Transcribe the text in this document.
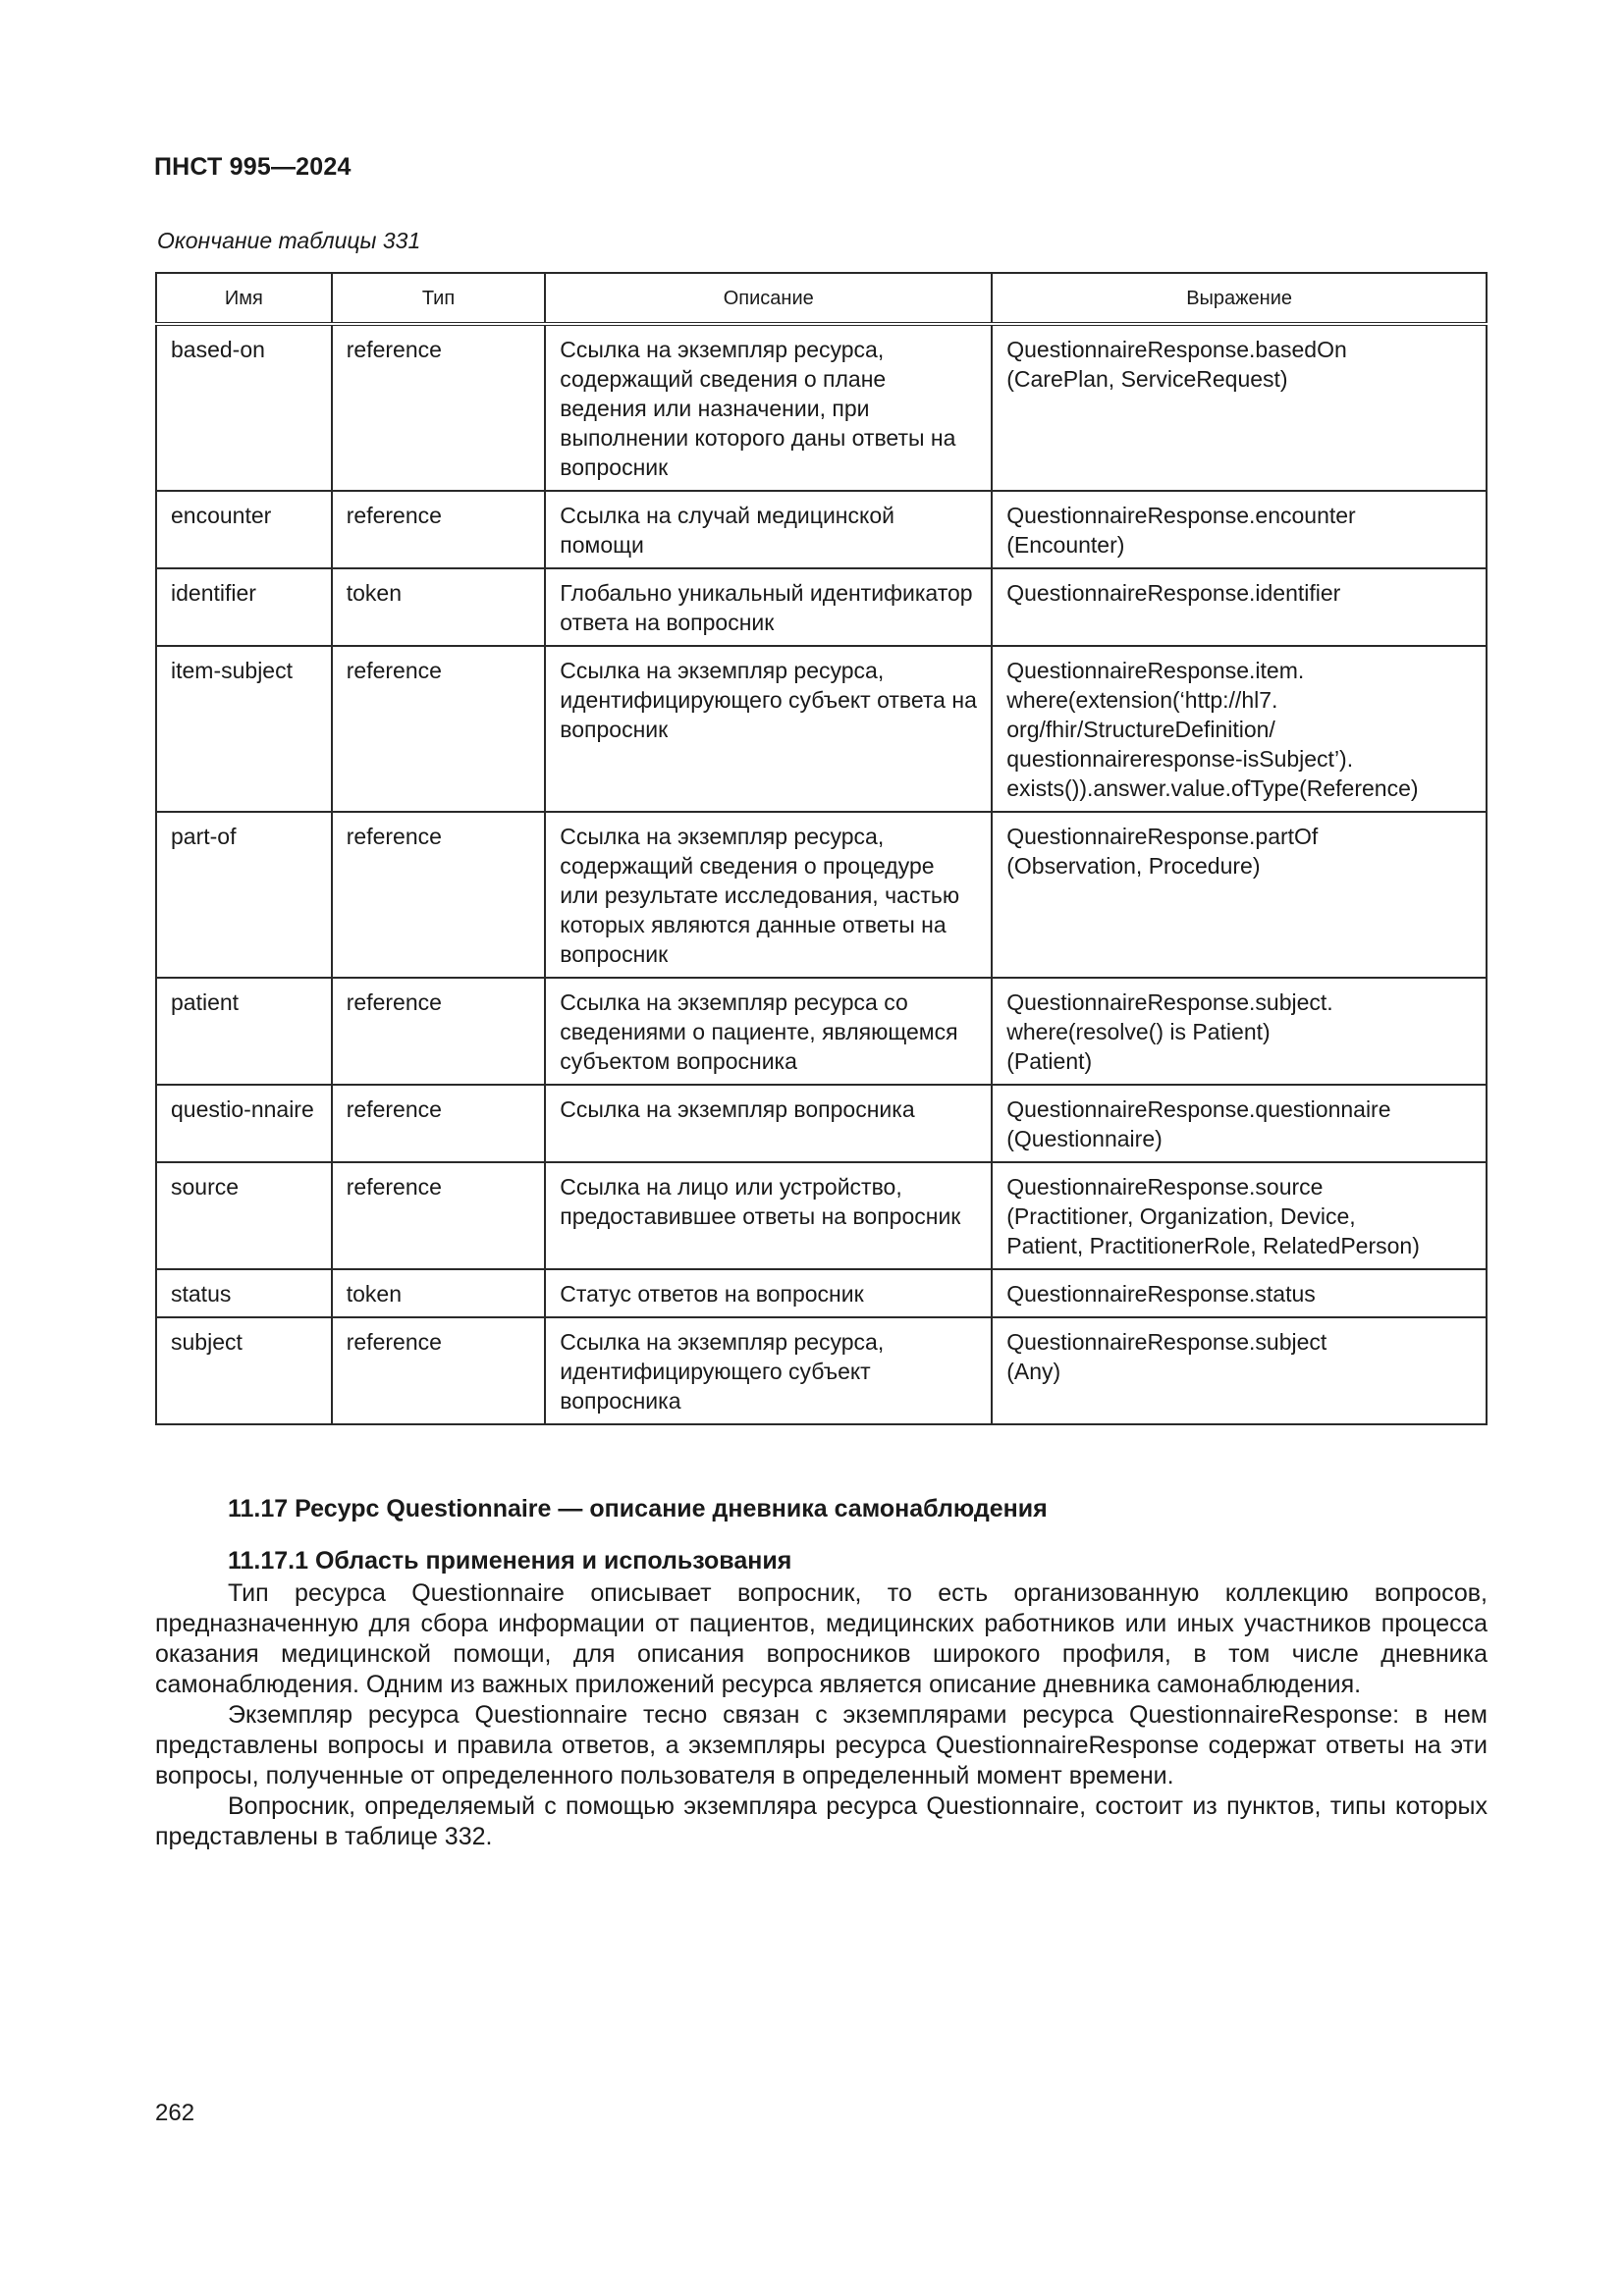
ПНСТ 995—2024
Окончание таблицы 331
Имя	Тип	Описание	Выражение
based-on	reference	Ссылка на экземпляр ресурса, содержащий сведения о плане ведения или назначении, при выполнении которого даны ответы на вопросник	QuestionnaireResponse.basedOn
(CarePlan, ServiceRequest)
encounter	reference	Ссылка на случай медицинской помощи	QuestionnaireResponse.encounter
(Encounter)
identifier	token	Глобально уникальный идентификатор ответа на вопросник	QuestionnaireResponse.identifier
item-subject	reference	Ссылка на экземпляр ресурса, идентифицирующего субъект ответа на вопросник	QuestionnaireResponse.item.
where(extension(‘http://hl7.
org/fhir/StructureDefinition/
questionnaireresponse-isSubject’).
exists()).answer.value.ofType(Reference)
part-of	reference	Ссылка на экземпляр ресурса, содержащий сведения о процедуре или результате исследования, частью которых являются данные ответы на вопросник	QuestionnaireResponse.partOf
(Observation, Procedure)
patient	reference	Ссылка на экземпляр ресурса со сведениями о пациенте, являющемся субъектом вопросника	QuestionnaireResponse.subject.
where(resolve() is Patient)
(Patient)
questio-nnaire	reference	Ссылка на экземпляр вопросника	QuestionnaireResponse.questionnaire
(Questionnaire)
source	reference	Ссылка на лицо или устройство, предоставившее ответы на вопросник	QuestionnaireResponse.source
(Practitioner, Organization, Device,
Patient, PractitionerRole, RelatedPerson)
status	token	Статус ответов на вопросник	QuestionnaireResponse.status
subject	reference	Ссылка на экземпляр ресурса, идентифицирующего субъект вопросника	QuestionnaireResponse.subject
(Any)
11.17 Ресурс Questionnaire — описание дневника самонаблюдения
11.17.1 Область применения и использования

Тип ресурса Questionnaire описывает вопросник, то есть организованную коллекцию вопросов, предназначенную для сбора информации от пациентов, медицинских работников или иных участников процесса оказания медицинской помощи, для описания вопросников широкого профиля, в том числе дневника самонаблюдения. Одним из важных приложений ресурса является описание дневника самонаблюдения.

Экземпляр ресурса Questionnaire тесно связан с экземплярами ресурса QuestionnaireResponse: в нем представлены вопросы и правила ответов, а экземпляры ресурса QuestionnaireResponse содержат ответы на эти вопросы, полученные от определенного пользователя в определенный момент времени.

Вопросник, определяемый с помощью экземпляра ресурса Questionnaire, состоит из пунктов, типы которых представлены в таблице 332.

262
